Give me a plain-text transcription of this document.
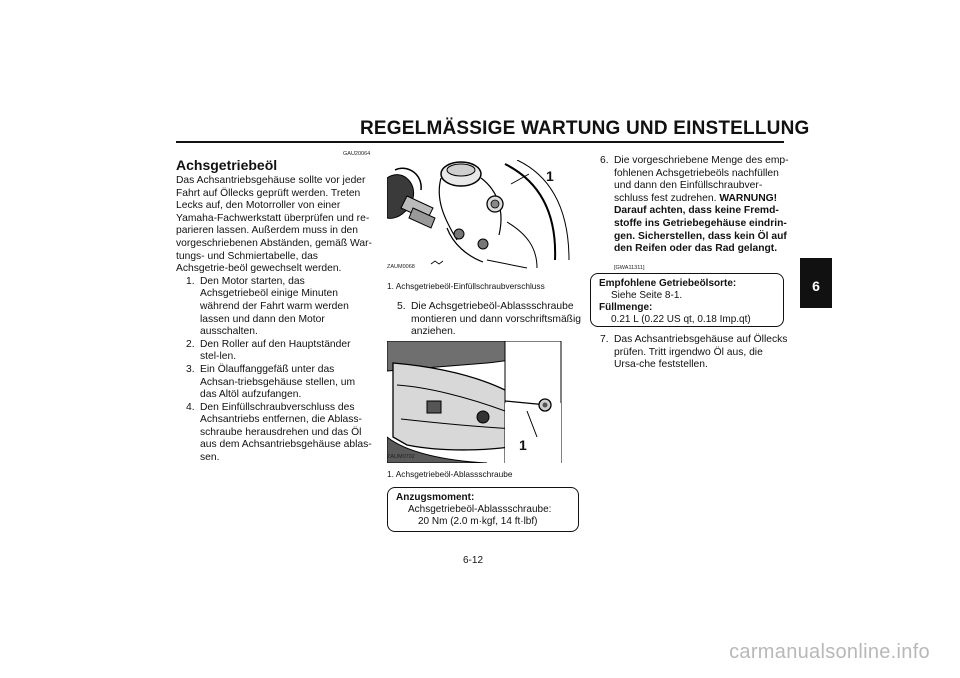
REGELMÄSSIGE WARTUNG UND EINSTELLUNG
6
GAU20064
Achsgetriebeöl
Das Achsantriebsgehäuse sollte vor jeder Fahrt auf Öllecks geprüft werden. Treten Lecks auf, den Motorroller von einer Yamaha-Fachwerkstatt überprüfen und re-parieren lassen. Außerdem muss in den vorgeschriebenen Abständen, gemäß War-tungs- und Schmiertabelle, das Achsgetrie-beöl gewechselt werden.
1. Den Motor starten, das Achsgetriebeöl einige Minuten während der Fahrt warm werden lassen und dann den Motor ausschalten.
2. Den Roller auf den Hauptständer stel-len.
3. Ein Ölauffanggefäß unter das Achsan-triebsgehäuse stellen, um das Altöl aufzufangen.
4. Den Einfüllschraubverschluss des Achsantriebs entfernen, die Ablass-schraube herausdrehen und das Öl aus dem Achsantriebsgehäuse ablas-sen.
1
ZAUM0068
1. Achsgetriebeöl-Einfüllschraubverschluss
5. Die Achsgetriebeöl-Ablassschraube montieren und dann vorschriftsmäßig anziehen.
1
ZAUM0702
1. Achsgetriebeöl-Ablassschraube
Anzugsmoment:
Achsgetriebeöl-Ablassschraube:
20 Nm (2.0 m·kgf, 14 ft·lbf)
6. Die vorgeschriebene Menge des emp-fohlenen Achsgetriebeöls nachfüllen und dann den Einfüllschraubver-schluss fest zudrehen. WARNUNG! Darauf achten, dass keine Fremd-stoffe ins Getriebegehäuse eindrin-gen. Sicherstellen, dass kein Öl auf den Reifen oder das Rad gelangt.
[GWA11311]
Empfohlene Getriebeölsorte:
Siehe Seite 8-1.
Füllmenge:
0.21 L (0.22 US qt, 0.18 Imp.qt)
7. Das Achsantriebsgehäuse auf Öllecks prüfen. Tritt irgendwo Öl aus, die Ursa-che feststellen.
6-12
carmanualsonline.info
